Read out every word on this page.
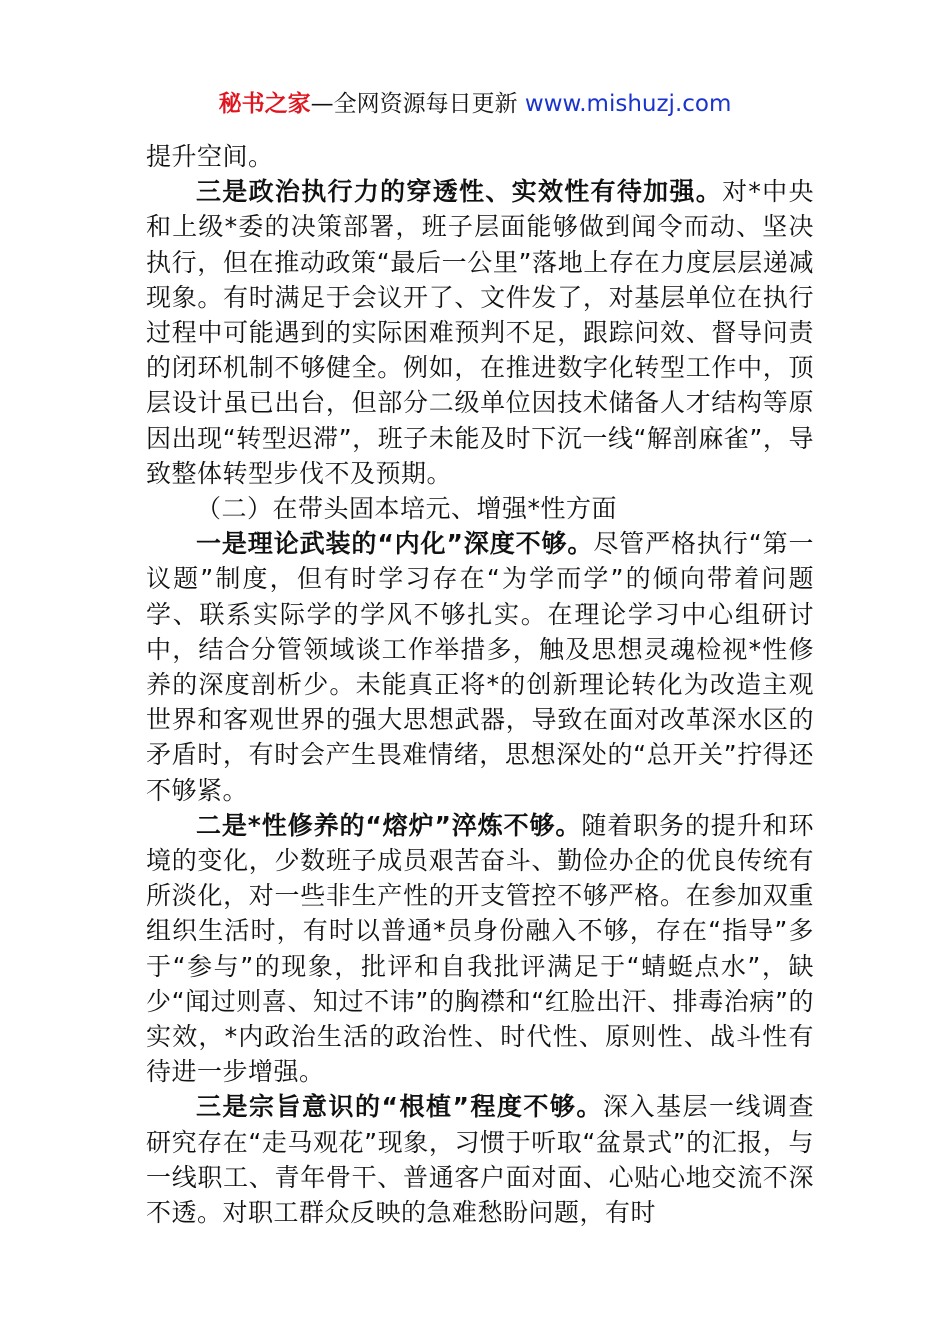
秘书之家—全网资源每日更新 www.mishuzj.com

提升空间。

三是政治执行力的穿透性、实效性有待加强。对*中央和上级*委的决策部署，班子层面能够做到闻令而动、坚决执行，但在推动政策“最后一公里”落地上存在力度层层递减现象。有时满足于会议开了、文件发了，对基层单位在执行过程中可能遇到的实际困难预判不足，跟踪问效、督导问责的闭环机制不够健全。例如，在推进数字化转型工作中，顶层设计虽已出台，但部分二级单位因技术储备人才结构等原因出现“转型迟滞”，班子未能及时下沉一线“解剖麻雀”，导致整体转型步伐不及预期。

（二）在带头固本培元、增强*性方面

一是理论武装的“内化”深度不够。尽管严格执行“第一议题”制度，但有时学习存在“为学而学”的倾向带着问题学、联系实际学的学风不够扎实。在理论学习中心组研讨中，结合分管领域谈工作举措多，触及思想灵魂检视*性修养的深度剖析少。未能真正将*的创新理论转化为改造主观世界和客观世界的强大思想武器，导致在面对改革深水区的矛盾时，有时会产生畏难情绪，思想深处的“总开关”拧得还不够紧。

二是*性修养的“熔炉”淬炼不够。随着职务的提升和环境的变化，少数班子成员艰苦奋斗、勤俭办企的优良传统有所淡化，对一些非生产性的开支管控不够严格。在参加双重组织生活时，有时以普通*员身份融入不够，存在“指导”多于“参与”的现象，批评和自我批评满足于“蜻蜓点水”，缺少“闻过则喜、知过不讳”的胸襟和“红脸出汗、排毒治病”的实效，*内政治生活的政治性、时代性、原则性、战斗性有待进一步增强。

三是宗旨意识的“根植”程度不够。深入基层一线调查研究存在“走马观花”现象，习惯于听取“盆景式”的汇报，与一线职工、青年骨干、普通客户面对面、心贴心地交流不深不透。对职工群众反映的急难愁盼问题，有时
